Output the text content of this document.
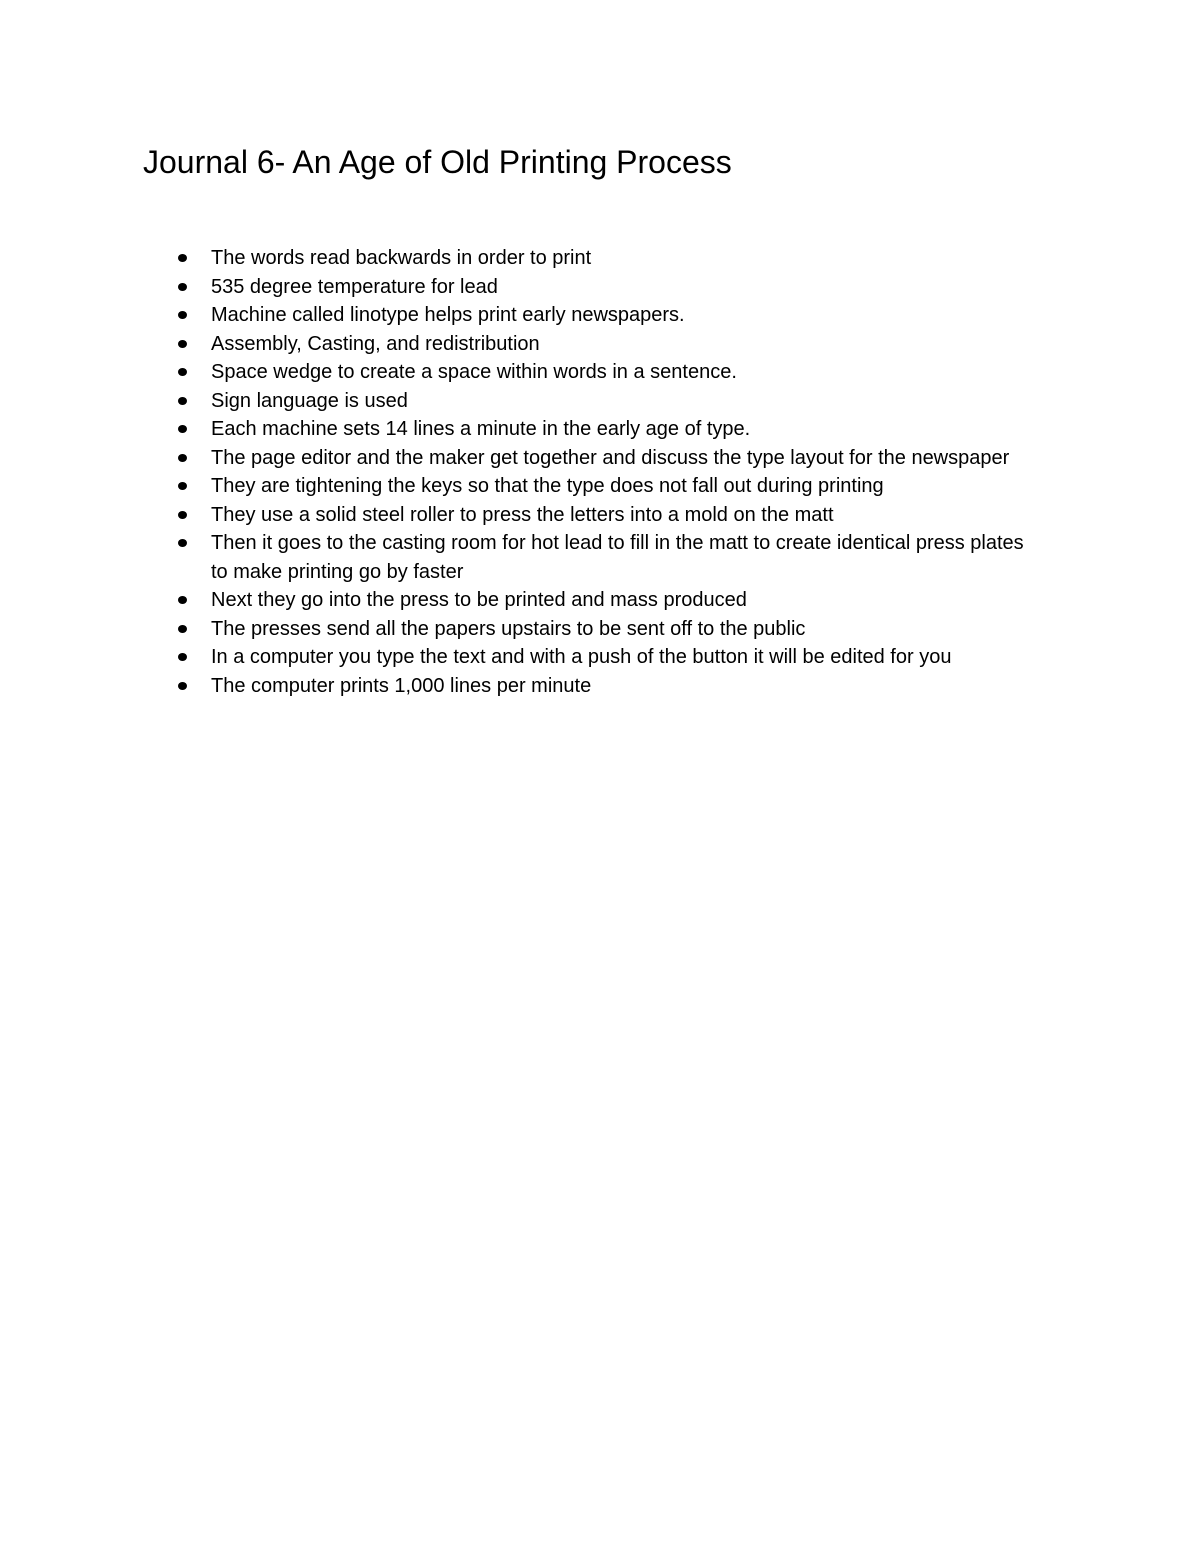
Journal 6- An Age of Old Printing Process
The words read backwards in order to print
535 degree temperature for lead
Machine called linotype helps print early newspapers.
Assembly, Casting, and redistribution
Space wedge to create a space within words in a sentence.
Sign language is used
Each machine sets 14 lines a minute in the early age of type.
The page editor and the maker get together and discuss the type layout for the newspaper
They are tightening the keys so that the type does not fall out during printing
They use a solid steel roller to press the letters into a mold on the matt
Then it goes to the casting room for hot lead to fill in the matt to create identical press plates to make printing go by faster
Next they go into the press to be printed and mass produced
The presses send all the papers upstairs to be sent off to the public
In a computer you type the text and with a push of the button it will be edited for you
The computer prints 1,000 lines per minute
